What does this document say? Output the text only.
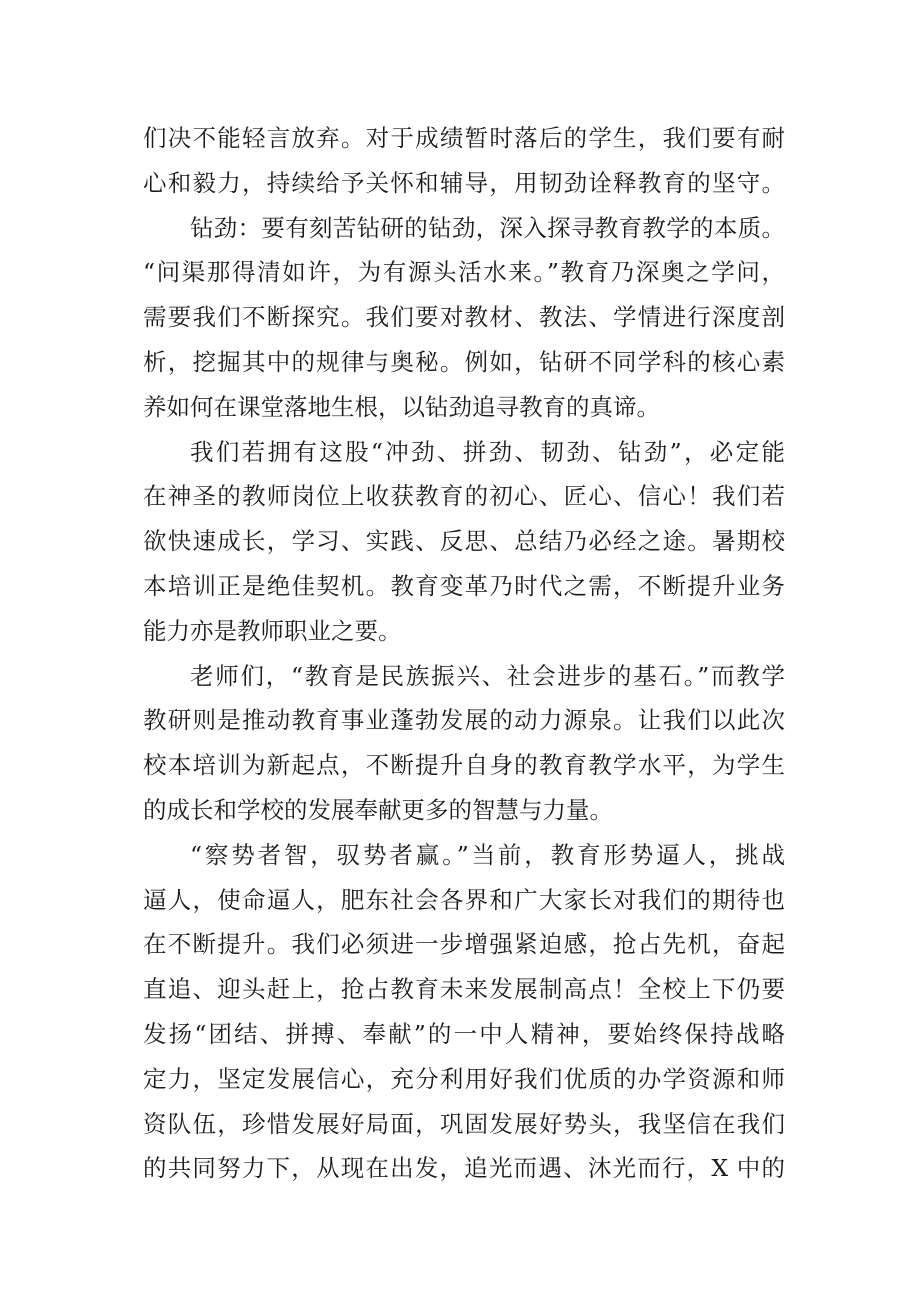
们决不能轻言放弃。对于成绩暂时落后的学生，我们要有耐
心和毅力，持续给予关怀和辅导，用韧劲诠释教育的坚守。
钻劲：要有刻苦钻研的钻劲，深入探寻教育教学的本质。
“问渠那得清如许，为有源头活水来。”教育乃深奥之学问，
需要我们不断探究。我们要对教材、教法、学情进行深度剖
析，挖掘其中的规律与奥秘。例如，钻研不同学科的核心素
养如何在课堂落地生根，以钻劲追寻教育的真谛。
我们若拥有这股“冲劲、拼劲、韧劲、钻劲”，必定能
在神圣的教师岗位上收获教育的初心、匠心、信心！我们若
欲快速成长，学习、实践、反思、总结乃必经之途。暑期校
本培训正是绝佳契机。教育变革乃时代之需，不断提升业务
能力亦是教师职业之要。
老师们，“教育是民族振兴、社会进步的基石。”而教学
教研则是推动教育事业蓬勃发展的动力源泉。让我们以此次
校本培训为新起点，不断提升自身的教育教学水平，为学生
的成长和学校的发展奉献更多的智慧与力量。
“察势者智，驭势者赢。”当前，教育形势逼人，挑战
逼人，使命逼人，肥东社会各界和广大家长对我们的期待也
在不断提升。我们必须进一步增强紧迫感，抢占先机，奋起
直追、迎头赶上，抢占教育未来发展制高点！全校上下仍要
发扬“团结、拼搏、奉献”的一中人精神，要始终保持战略
定力，坚定发展信心，充分利用好我们优质的办学资源和师
资队伍，珍惜发展好局面，巩固发展好势头，我坚信在我们
的共同努力下，从现在出发，追光而遇、沐光而行，X 中的
